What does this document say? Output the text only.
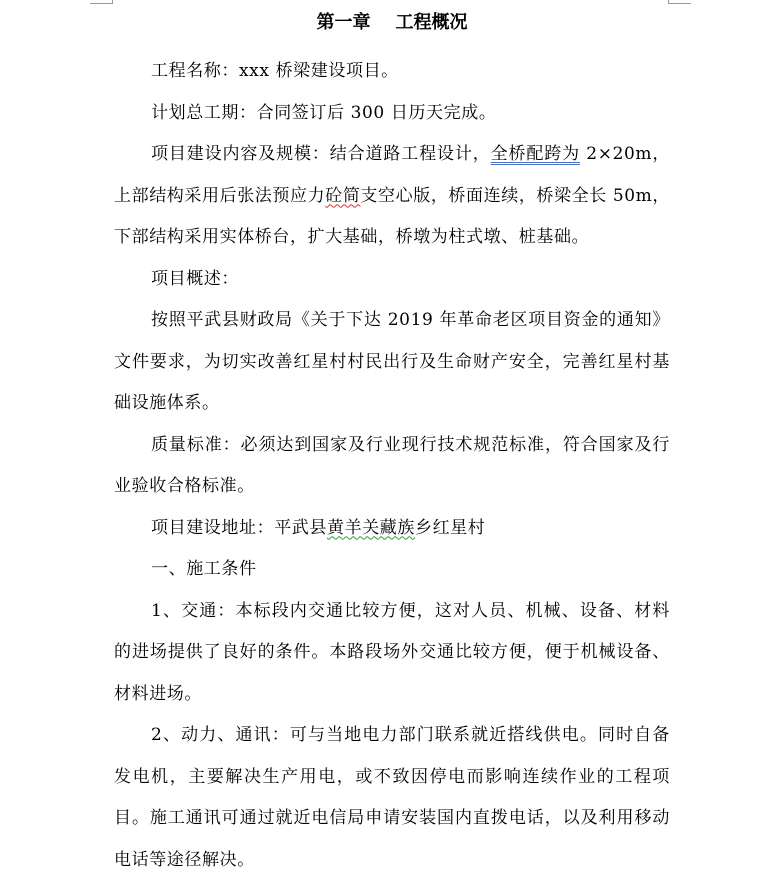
第一章    工程概况

工程名称：xxx 桥梁建设项目。

计划总工期：合同签订后 300 日历天完成。

项目建设内容及规模：结合道路工程设计，全桥配跨为 2×20m，上部结构采用后张法预应力砼简支空心版，桥面连续，桥梁全长 50m，下部结构采用实体桥台，扩大基础，桥墩为柱式墩、桩基础。

项目概述：

按照平武县财政局《关于下达 2019 年革命老区项目资金的通知》文件要求，为切实改善红星村村民出行及生命财产安全，完善红星村基础设施体系。

质量标准：必须达到国家及行业现行技术规范标准，符合国家及行业验收合格标准。

项目建设地址：平武县黄羊关藏族乡红星村

一、施工条件

1、交通：本标段内交通比较方便，这对人员、机械、设备、材料的进场提供了良好的条件。本路段场外交通比较方便，便于机械设备、材料进场。

2、动力、通讯：可与当地电力部门联系就近搭线供电。同时自备发电机，主要解决生产用电，或不致因停电而影响连续作业的工程项目。施工通讯可通过就近电信局申请安装国内直拨电话，以及利用移动电话等途径解决。
